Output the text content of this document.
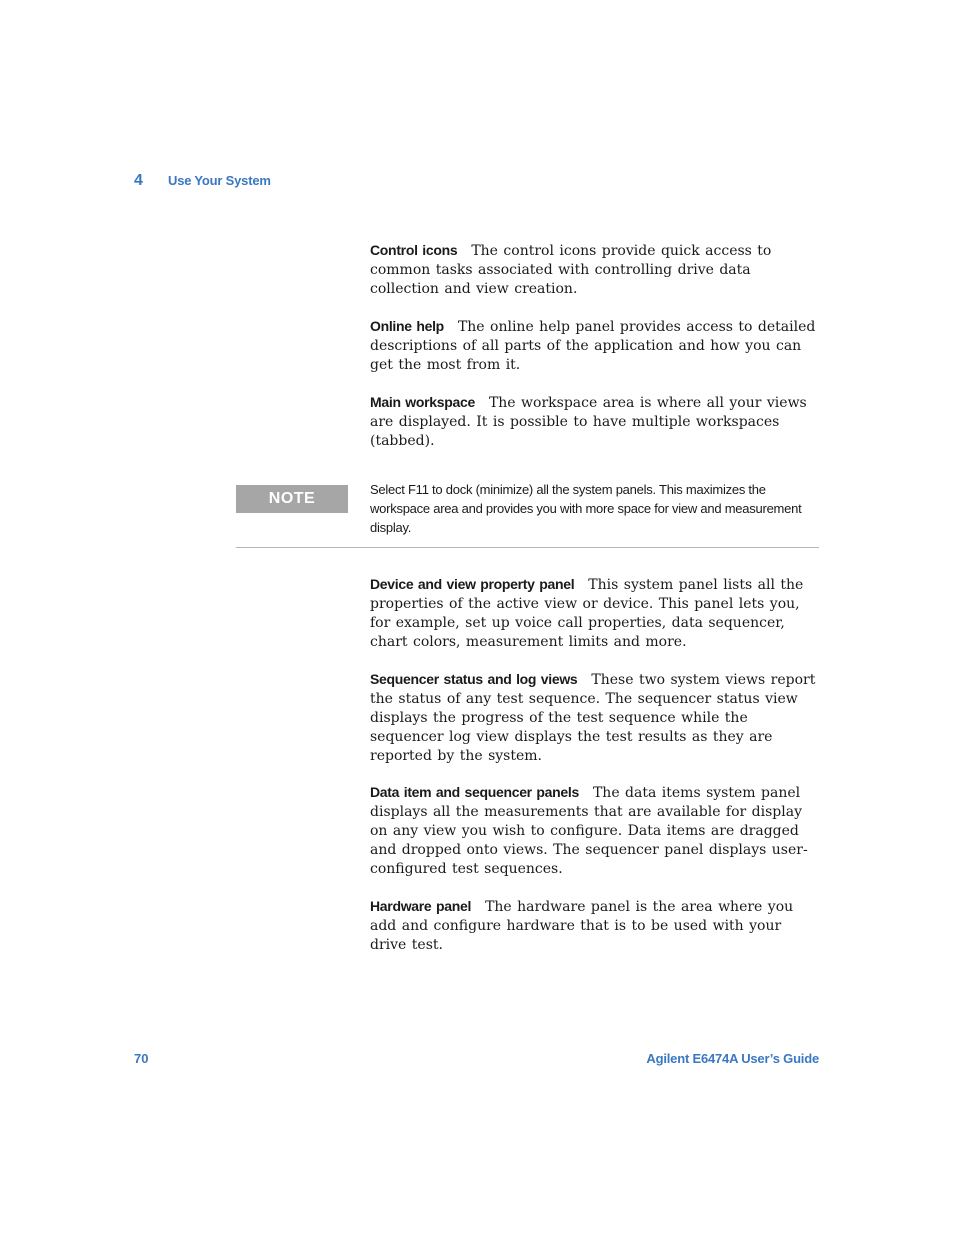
4 Use Your System

Control icons The control icons provide quick access to common tasks associated with controlling drive data collection and view creation.

Online help The online help panel provides access to detailed descriptions of all parts of the application and how you can get the most from it.

Main workspace The workspace area is where all your views are displayed. It is possible to have multiple workspaces (tabbed).

NOTE
Select F11 to dock (minimize) all the system panels. This maximizes the workspace area and provides you with more space for view and measurement display.

Device and view property panel This system panel lists all the properties of the active view or device. This panel lets you, for example, set up voice call properties, data sequencer, chart colors, measurement limits and more.

Sequencer status and log views These two system views report the status of any test sequence. The sequencer status view displays the progress of the test sequence while the sequencer log view displays the test results as they are reported by the system.

Data item and sequencer panels The data items system panel displays all the measurements that are available for display on any view you wish to configure. Data items are dragged and dropped onto views. The sequencer panel displays user-configured test sequences.

Hardware panel The hardware panel is the area where you add and configure hardware that is to be used with your drive test.

70	Agilent E6474A User’s Guide
